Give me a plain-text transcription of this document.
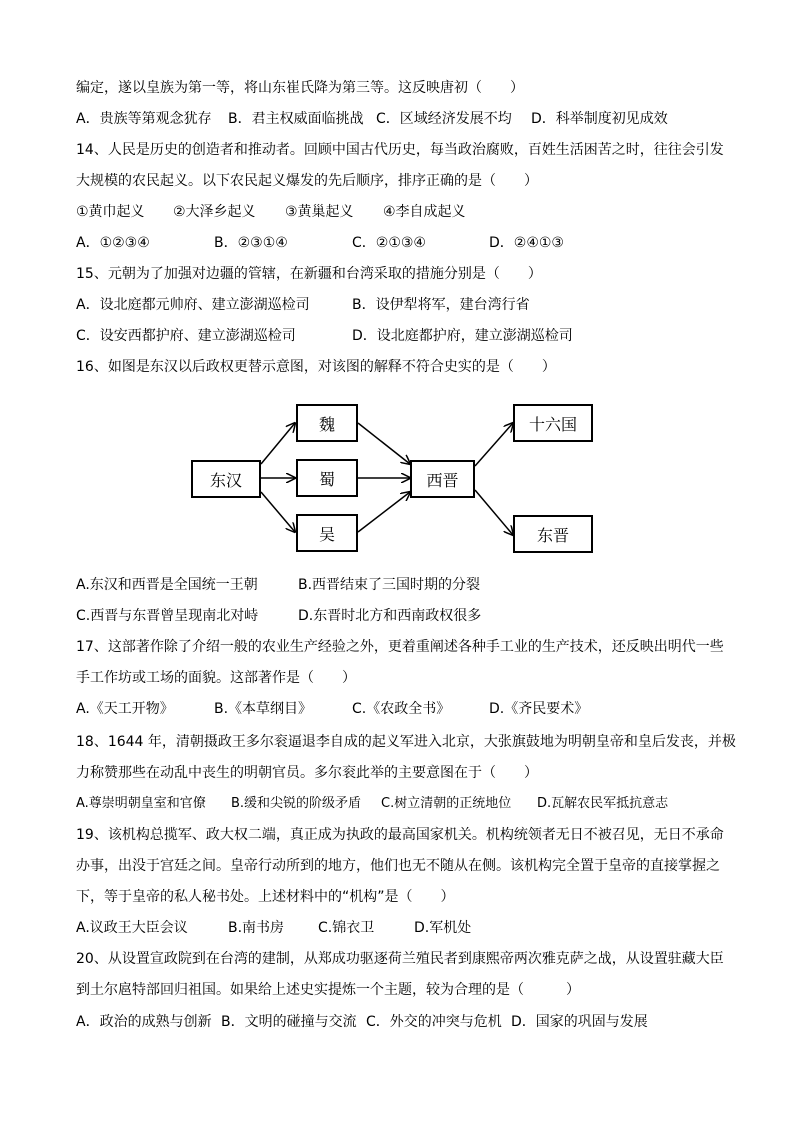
编定，遂以皇族为第一等，将山东崔氏降为第三等。这反映唐初（　　）
A．贵族等第观念犹存 B．君主权威面临挑战 C．区域经济发展不均 D．科举制度初见成效
14、人民是历史的创造者和推动者。回顾中国古代历史，每当政治腐败，百姓生活困苦之时，往往会引发
大规模的农民起义。以下农民起义爆发的先后顺序，排序正确的是（　　）
①黄巾起义 ②大泽乡起义 ③黄巢起义 ④李自成起义
A．①②③④	B．②③①④	C．②①③④	D．②④①③
15、元朝为了加强对边疆的管辖，在新疆和台湾采取的措施分别是（　　）
A．设北庭都元帅府、建立澎湖巡检司	B．设伊犁将军，建台湾行省
C．设安西都护府、建立澎湖巡检司	D．设北庭都护府，建立澎湖巡检司
16、如图是东汉以后政权更替示意图，对该图的解释不符合史实的是（　　）
东汉
魏
蜀
吴
西晋
十六国
东晋
A.东汉和西晋是全国统一王朝	B.西晋结束了三国时期的分裂
C.西晋与东晋曾呈现南北对峙	D.东晋时北方和西南政权很多
17、这部著作除了介绍一般的农业生产经验之外，更着重阐述各种手工业的生产技术，还反映出明代一些
手工作坊或工场的面貌。这部著作是（　　）
A.《天工开物》	B.《本草纲目》	C.《农政全书》	D.《齐民要术》
18、1644 年，清朝摄政王多尔衮逼退李自成的起义军进入北京，大张旗鼓地为明朝皇帝和皇后发丧，并极
力称赞那些在动乱中丧生的明朝官员。多尔衮此举的主要意图在于（　　）
A.尊崇明朝皇室和官僚 B.缓和尖锐的阶级矛盾 C.树立清朝的正统地位 D.瓦解农民军抵抗意志
19、该机构总揽军、政大权二端，真正成为执政的最高国家机关。机构统领者无日不被召见，无日不承命
办事，出没于宫廷之间。皇帝行动所到的地方，他们也无不随从在侧。该机构完全置于皇帝的直接掌握之
下，等于皇帝的私人秘书处。上述材料中的“机构”是（　　）
A.议政王大臣会议	B.南书房 C.锦衣卫	D.军机处
20、从设置宣政院到在台湾的建制，从郑成功驱逐荷兰殖民者到康熙帝两次雅克萨之战，从设置驻藏大臣
到土尔扈特部回归祖国。如果给上述史实提炼一个主题，较为合理的是（　　　）
A．政治的成熟与创新 B．文明的碰撞与交流 C．外交的冲突与危机 D．国家的巩固与发展
